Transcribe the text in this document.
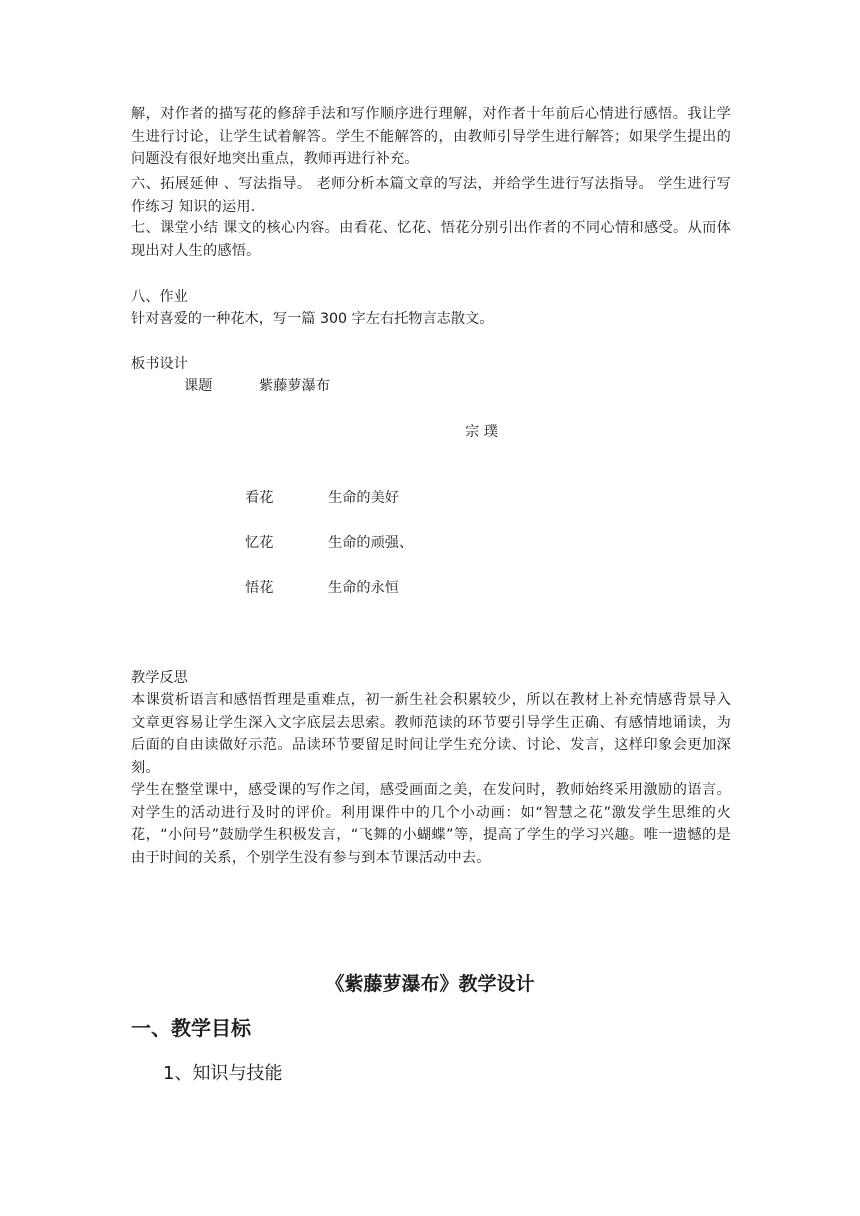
解，对作者的描写花的修辞手法和写作顺序进行理解，对作者十年前后心情进行感悟。我让学生进行讨论，让学生试着解答。学生不能解答的，由教师引导学生进行解答；如果学生提出的问题没有很好地突出重点，教师再进行补充。
六、拓展延伸 、写法指导。 老师分析本篇文章的写法，并给学生进行写法指导。 学生进行写作练习 知识的运用.
七、课堂小结 课文的核心内容。由看花、忆花、悟花分别引出作者的不同心情和感受。从而体现出对人生的感悟。
八、作业
针对喜爱的一种花木，写一篇 300 字左右托物言志散文。
板书设计
课题	紫藤萝瀑布
宗 璞
看花	生命的美好
忆花	生命的顽强、
悟花	生命的永恒
教学反思
本课赏析语言和感悟哲理是重难点，初一新生社会积累较少，所以在教材上补充情感背景导入文章更容易让学生深入文字底层去思索。教师范读的环节要引导学生正确、有感情地诵读，为后面的自由读做好示范。品读环节要留足时间让学生充分读、讨论、发言，这样印象会更加深刻。
学生在整堂课中，感受课的写作之闰，感受画面之美，在发问时，教师始终采用激励的语言。对学生的活动进行及时的评价。利用课件中的几个小动画：如“智慧之花”激发学生思维的火花，“小问号”鼓励学生积极发言，“飞舞的小蝴蝶”等，提高了学生的学习兴趣。唯一遗憾的是由于时间的关系，个别学生没有参与到本节课活动中去。
《紫藤萝瀑布》教学设计
一、教学目标
1、知识与技能
